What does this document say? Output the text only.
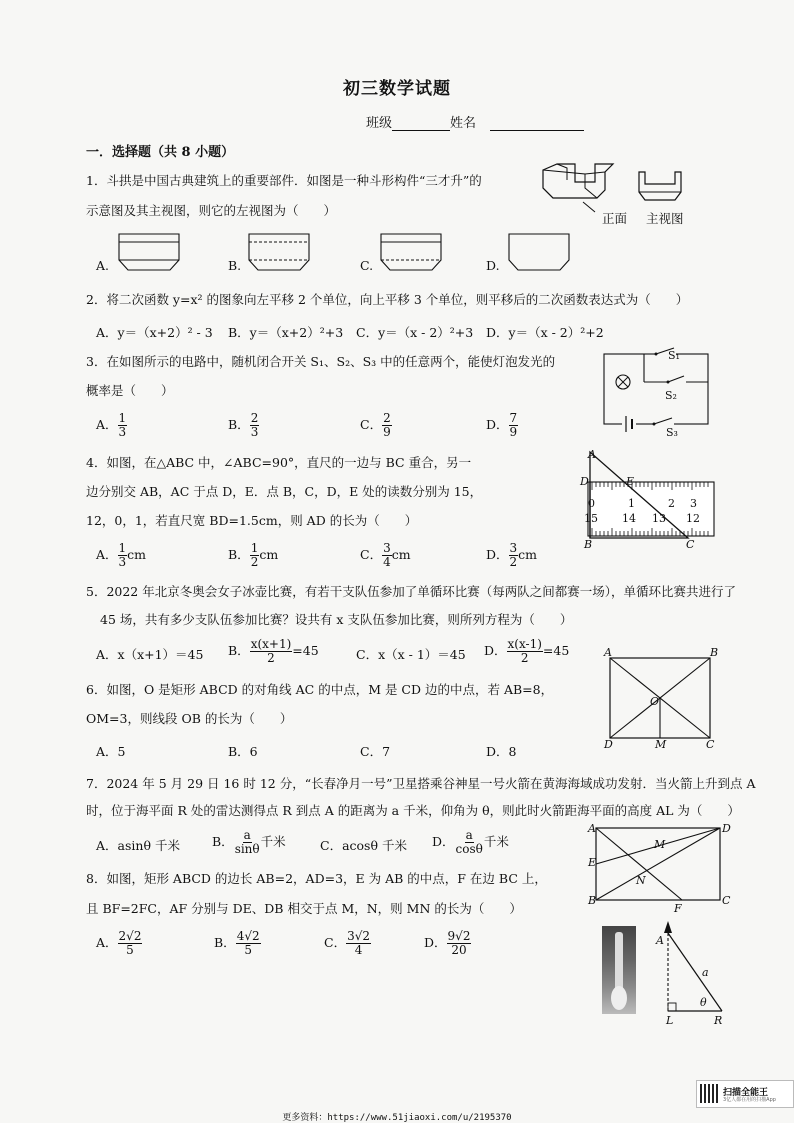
初三数学试题
班级	姓名
一．选择题（共 8 小题）
1．斗拱是中国古典建筑上的重要部件．如图是一种斗形构件“三才升”的
示意图及其主视图，则它的左视图为（　　）
正面 主视图
A.	B.	C.	D.
2．将二次函数 y=x² 的图象向左平移 2 个单位，向上平移 3 个单位，则平移后的二次函数表达式为（　　）
A．y＝（x+2）² - 3 B．y＝（x+2）²+3 C．y＝（x - 2）²+3 D．y＝（x - 2）²+2
3．在如图所示的电路中，随机闭合开关 S₁、S₂、S₃ 中的任意两个，能使灯泡发光的
概率是（　　）
S₁
S₂
S₃
A． $\frac{1}{3}$	B． $\frac{2}{3}$	C． $\frac{2}{9}$	D． $\frac{7}{9}$
4．如图，在△ABC 中，∠ABC=90°，直尺的一边与 BC 重合，另一
边分别交 AB，AC 于点 D，E．点 B，C，D，E 处的读数分别为 15，
12，0，1，若直尺宽 BD=1.5cm，则 AD 的长为（　　）
A
D	E
B	C
0	1	2 3
15 14 13 12
A． $\frac{1}{3}$ cm	B． $\frac{1}{2}$ cm	C． $\frac{3}{4}$ cm	D． $\frac{3}{2}$ cm
5．2022 年北京冬奥会女子冰壶比赛，有若干支队伍参加了单循环比赛（每两队之间都赛一场），单循环比赛共进行了
45 场，共有多少支队伍参加比赛？设共有 x 支队伍参加比赛，则所列方程为（　　）
A．x（x+1）＝45 B． $\frac{x(x+1)}{2} =45$	C．x（x - 1）＝45 D． $\frac{x(x-1)}{2} =45$
6．如图，O 是矩形 ABCD 的对角线 AC 的中点，M 是 CD 边的中点，若 AB=8，
OM=3，则线段 OB 的长为（　　）
A．5	B．6	C．7	D．8
A	B
O
D	M	C
7．2024 年 5 月 29 日 16 时 12 分，“长春净月一号”卫星搭乘谷神星一号火箭在黄海海域成功发射．当火箭上升到点 A
时，位于海平面 R 处的雷达测得点 R 到点 A 的距离为 a 千米，仰角为 θ，则此时火箭距海平面的高度 AL 为（　　）
A．asinθ 千米	B． $\frac{a}{\sin\theta}$ 千米	C．acosθ 千米 D． $\frac{a}{\cos\theta}$ 千米
8．如图，矩形 ABCD 的边长 AB=2，AD=3，E 为 AB 的中点，F 在边 BC 上，
且 BF=2FC，AF 分别与 DE、DB 相交于点 M，N，则 MN 的长为（　　）
A	D
M
E
N
B
F
C
A． $\frac{2√2}{5}$	B． $\frac{4√2}{5}$	C． $\frac{3√2}{4}$	D． $\frac{9√2}{20}$	A
a
θ
L	R
扫描全能王
3亿人都在用的扫描App
更多资料：https://www.51jiaoxi.com/u/2195370
